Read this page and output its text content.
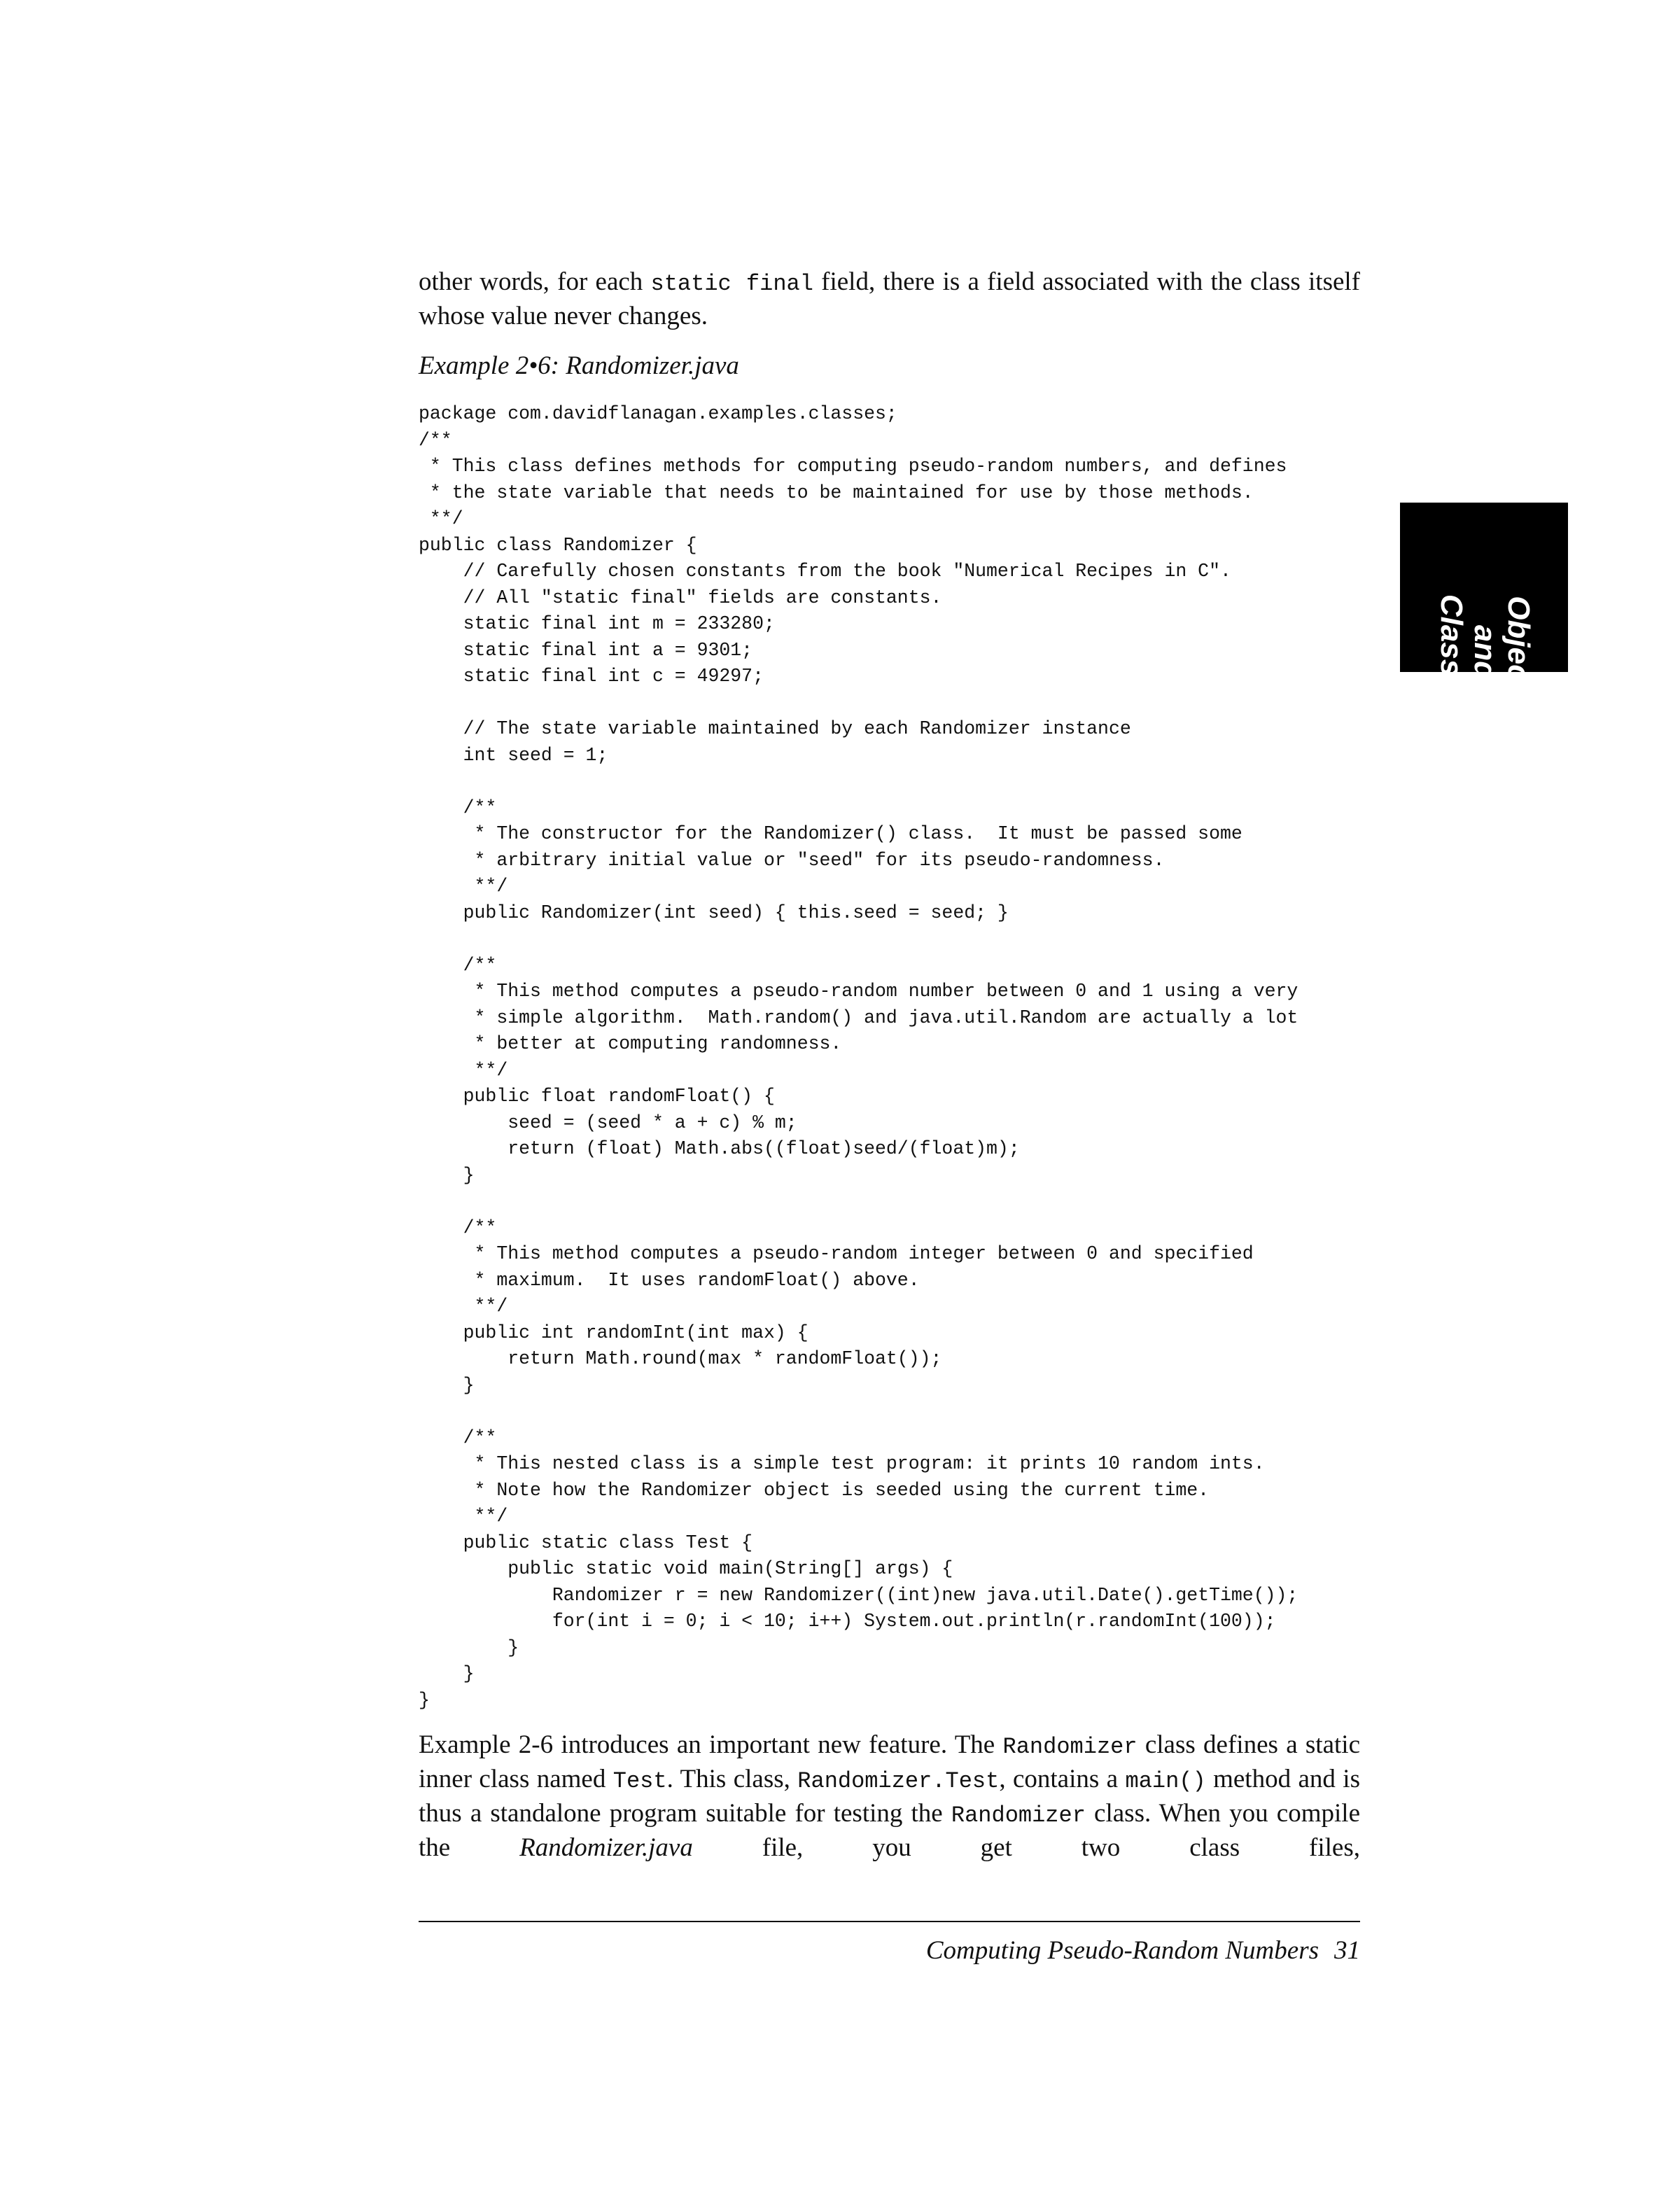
other words, for each static final field, there is a field associated with the class itself whose value never changes.

Example 2•6: Randomizer.java
package com.davidflanagan.examples.classes;
/**
* This class defines methods for computing pseudo-random numbers, and defines
* the state variable that needs to be maintained for use by those methods.
**/
public class Randomizer {
// Carefully chosen constants from the book "Numerical Recipes in C".
// All "static final" fields are constants.
static final int m = 233280;
static final int a = 9301;
static final int c = 49297;
// The state variable maintained by each Randomizer instance
int seed = 1;
/**
* The constructor for the Randomizer() class.  It must be passed some
* arbitrary initial value or "seed" for its pseudo-randomness.
**/
public Randomizer(int seed) { this.seed = seed; }
/**
* This method computes a pseudo-random number between 0 and 1 using a very
* simple algorithm.  Math.random() and java.util.Random are actually a lot
* better at computing randomness.
**/
public float randomFloat() {
seed = (seed * a + c) % m;
return (float) Math.abs((float)seed/(float)m);
}
/**
* This method computes a pseudo-random integer between 0 and specified
* maximum.  It uses randomFloat() above.
**/
public int randomInt(int max) {
return Math.round(max * randomFloat());
}
/**
* This nested class is a simple test program: it prints 10 random ints.
* Note how the Randomizer object is seeded using the current time.
**/
public static class Test {
public static void main(String[] args) {
Randomizer r = new Randomizer((int)new java.util.Date().getTime());
for(int i = 0; i < 10; i++) System.out.println(r.randomInt(100));
}
}
}

Example 2-6 introduces an important new feature. The Randomizer class defines a static inner class named Test. This class, Randomizer.Test, contains a main() method and is thus a standalone program suitable for testing the Randomizer class. When you compile the Randomizer.java file, you get two class files,

Objects and
Classes
Computing Pseudo-Random Numbers 31
